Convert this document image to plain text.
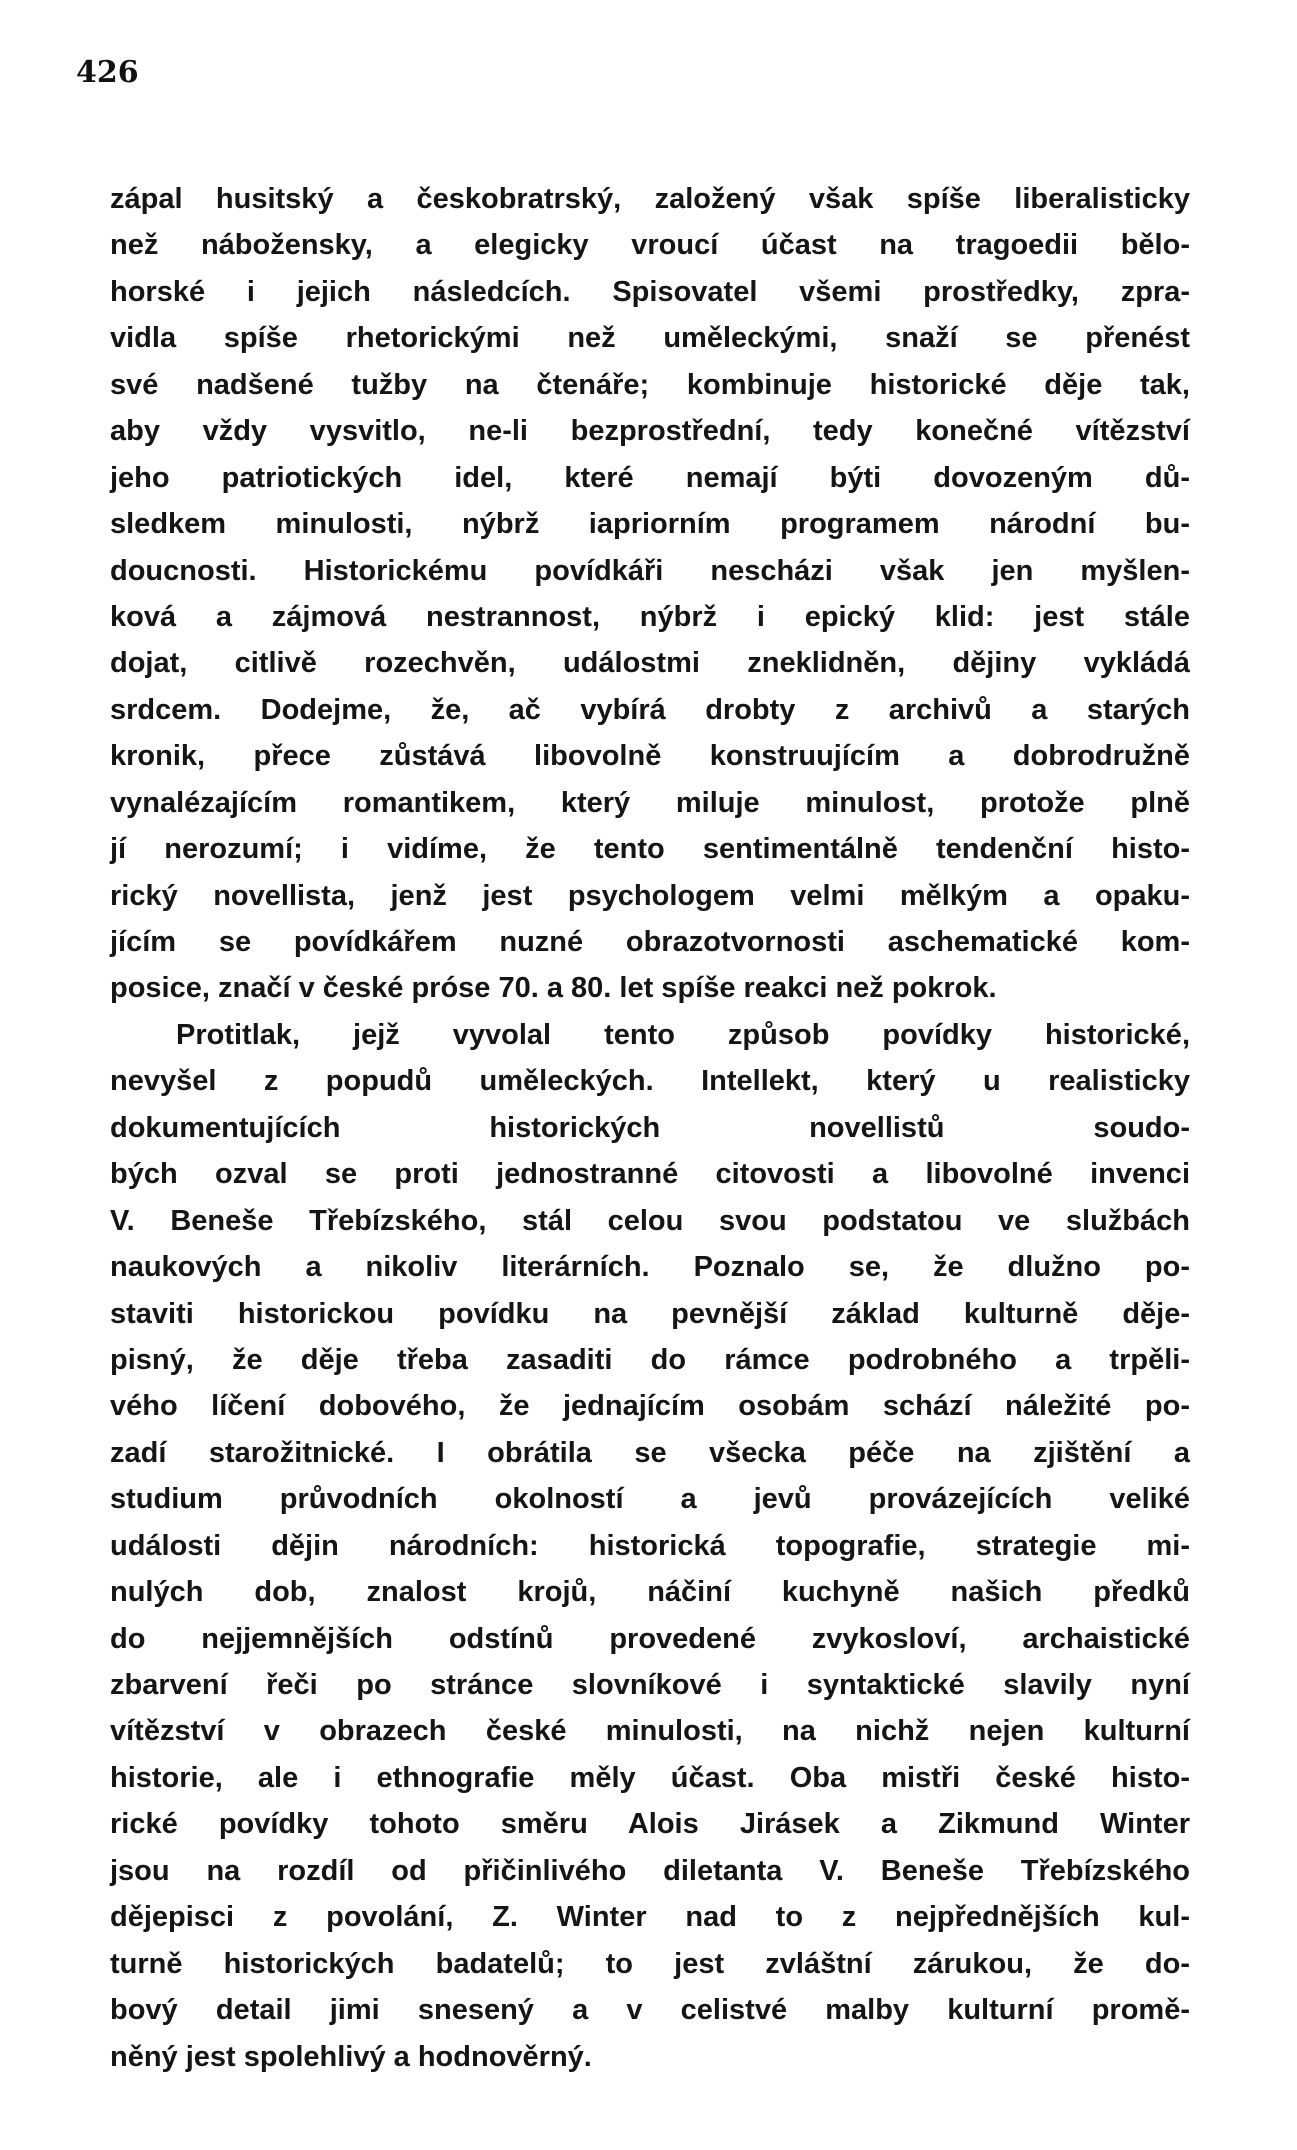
426
zápal husitský a českobratrský, založený však spíše liberalisticky
než nábožensky, a elegicky vroucí účast na tragoedii bělo-
horské i jejich následcích. Spisovatel všemi prostředky, zpra-
vidla spíše rhetorickými než uměleckými, snaží se přenést
své nadšené tužby na čtenáře; kombinuje historické děje tak,
aby vždy vysvitlo, ne-li bezprostřední, tedy konečné vítězství
jeho patriotických idel, které nemají býti dovozeným dů-
sledkem minulosti, nýbrž iapriorním programem národní bu-
doucnosti. Historickému povídkáři nescházi však jen myšlen-
ková a zájmová nestrannost, nýbrž i epický klid: jest stále
dojat, citlivě rozechvěn, událostmi zneklidněn, dějiny vykládá
srdcem. Dodejme, že, ač vybírá drobty z archivů a starých
kronik, přece zůstává libovolně konstruujícím a dobrodružně
vynalézajícím romantikem, který miluje minulost, protože plně
jí nerozumí; i vidíme, že tento sentimentálně tendenční histo-
rický novellista, jenž jest psychologem velmi mělkým a opaku-
jícím se povídkářem nuzné obrazotvornosti aschematické kom-
posice, značí v české próse 70. a 80. let spíše reakci než pokrok.
Protitlak, jejž vyvolal tento způsob povídky historické,
nevyšel z popudů uměleckých. Intellekt, který u realisticky
dokumentujících historických novellistů soudo-
bých ozval se proti jednostranné citovosti a libovolné invenci
V. Beneše Třebízského, stál celou svou podstatou ve službách
naukových a nikoliv literárních. Poznalo se, že dlužno po-
staviti historickou povídku na pevnější základ kulturně děje-
pisný, že děje třeba zasaditi do rámce podrobného a trpěli-
vého líčení dobového, že jednajícím osobám schází náležité po-
zadí starožitnické. I obrátila se všecka péče na zjištění a
studium průvodních okolností a jevů provázejících veliké
události dějin národních: historická topografie, strategie mi-
nulých dob, znalost krojů, náčiní kuchyně našich předků
do nejjemnějších odstínů provedené zvykosloví, archaistické
zbarvení řeči po stránce slovníkové i syntaktické slavily nyní
vítězství v obrazech české minulosti, na nichž nejen kulturní
historie, ale i ethnografie měly účast. Oba mistři české histo-
rické povídky tohoto směru Alois Jirásek a Zikmund Winter
jsou na rozdíl od přičinlivého diletanta V. Beneše Třebízského
dějepisci z povolání, Z. Winter nad to z nejpřednějších kul-
turně historických badatelů; to jest zvláštní zárukou, že do-
bový detail jimi snesený a v celistvé malby kulturní promě-
něný jest spolehlivý a hodnověrný.
